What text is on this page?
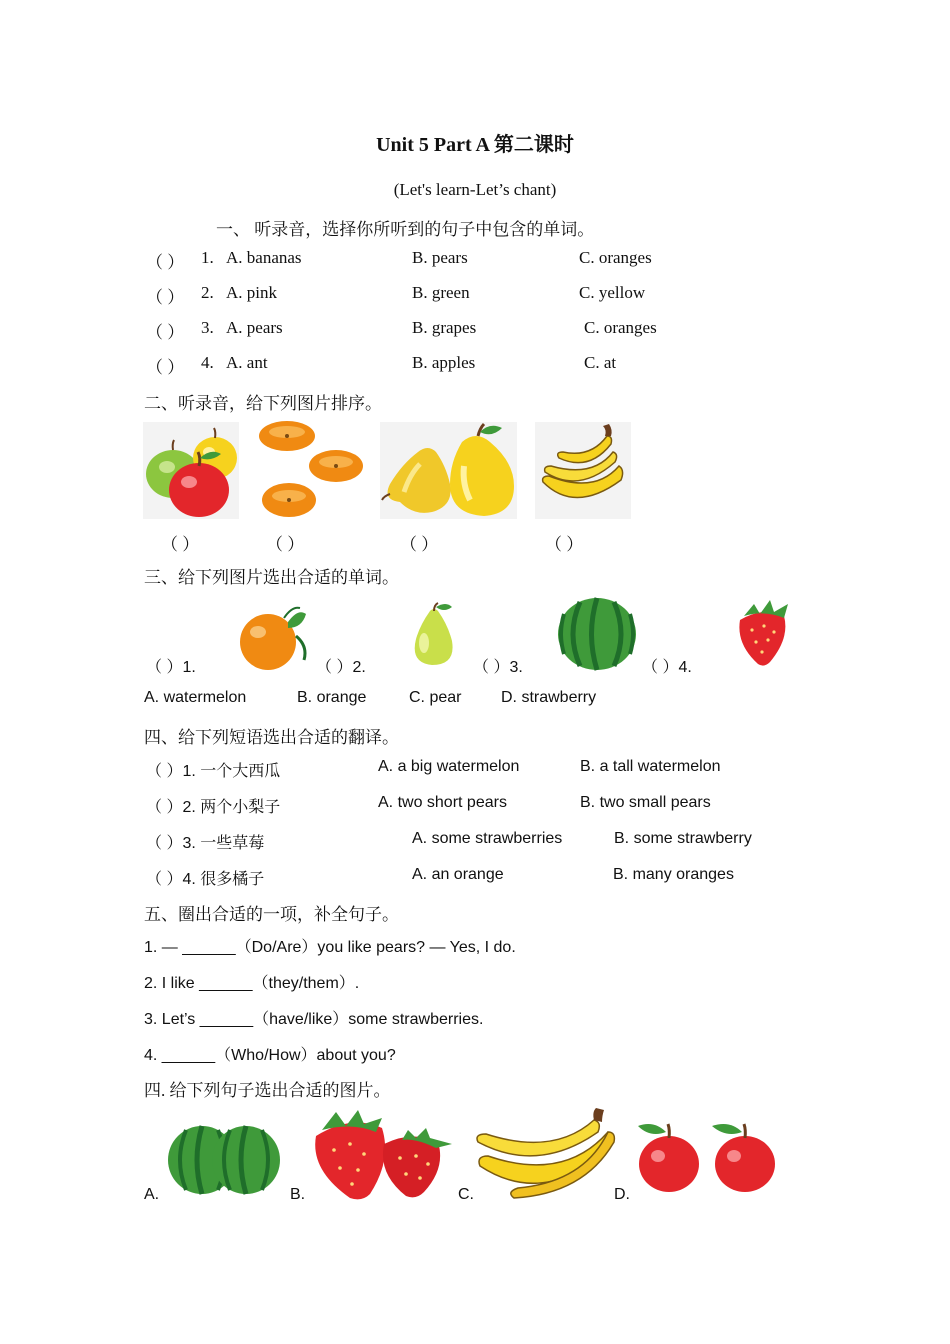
Unit 5 Part A 第二课时
(Let's learn-Let’s chant)
一、 听录音，选择你所听到的句子中包含的单词。
（ ） 1. A. bananas	B. pears	C. oranges
（ ） 2. A. pink	B. green	C. yellow
（ ） 3. A. pears	B. grapes	C. oranges
（ ） 4. A. ant	B. apples	C. at
二、听录音，给下列图片排序。
（ ）	（ ）	（ ）	（ ）
三、给下列图片选出合适的单词。
（ ）1.	（ ）2.	（ ）3.	（ ）4.
A. watermelon	B. orange	C. pear D. strawberry
四、给下列短语选出合适的翻译。
（ ）1. 一个大西瓜	A. a big watermelon	B. a tall watermelon
（ ）2. 两个小梨子	A. two short pears	B. two small pears
（ ）3. 一些草莓	A. some strawberries	B. some strawberry
（ ）4. 很多橘子	A. an orange	B. many oranges
五、圈出合适的一项，补全句子。
1. — ______（Do/Are）you like pears? — Yes, I do.
2. I like ______（they/them）.
3. Let’s ______（have/like）some strawberries.
4. ______（Who/How）about you?
四. 给下列句子选出合适的图片。
A.	B.	C.	D.
